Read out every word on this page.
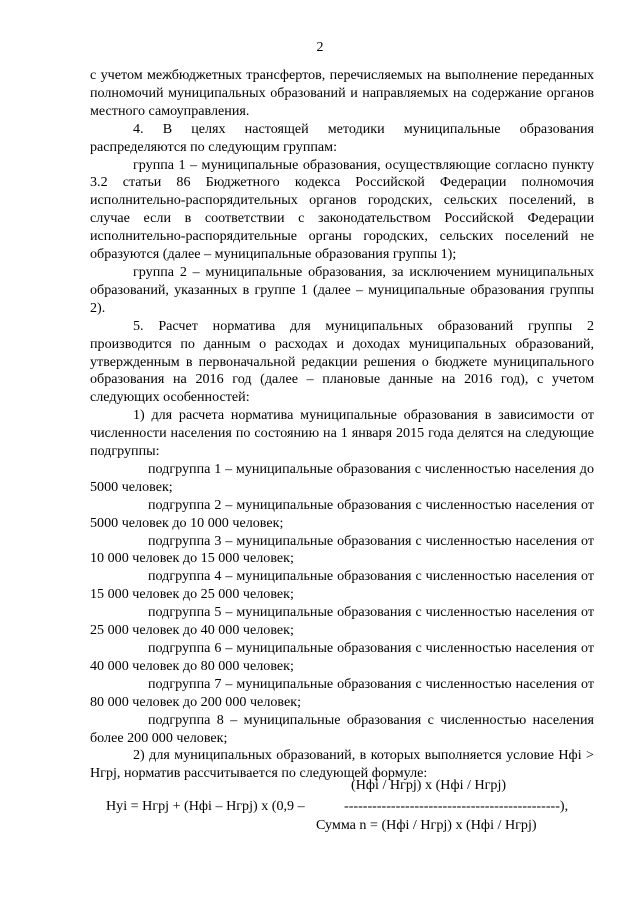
2

с учетом межбюджетных трансфертов, перечисляемых на выполнение переданных полномочий муниципальных образований и направляемых на содержание органов местного самоуправления.

4. В целях настоящей методики муниципальные образования распределяются по следующим группам:

группа 1 – муниципальные образования, осуществляющие согласно пункту 3.2 статьи 86 Бюджетного кодекса Российской Федерации полномочия исполнительно-распорядительных органов городских, сельских поселений, в случае если в соответствии с законодательством Российской Федерации исполнительно-распорядительные органы городских, сельских поселений не образуются (далее – муниципальные образования группы 1);

группа 2 – муниципальные образования, за исключением муниципальных образований, указанных в группе 1 (далее – муниципальные образования группы 2).

5. Расчет норматива для муниципальных образований группы 2 производится по данным о расходах и доходах муниципальных образований, утвержденным в первоначальной редакции решения о бюджете муниципального образования на 2016 год (далее – плановые данные на 2016 год), с учетом следующих особенностей:

1) для расчета норматива муниципальные образования в зависимости от численности населения по состоянию на 1 января 2015 года делятся на следующие подгруппы:

подгруппа 1 – муниципальные образования с численностью населения до 5000 человек;

подгруппа 2 – муниципальные образования с численностью населения от 5000 человек до 10 000 человек;

подгруппа 3 – муниципальные образования с численностью населения от 10 000 человек до 15 000 человек;

подгруппа 4 – муниципальные образования с численностью населения от 15 000 человек до 25 000 человек;

подгруппа 5 – муниципальные образования с численностью населения от 25 000 человек до 40 000 человек;

подгруппа 6 – муниципальные образования с численностью населения от 40 000 человек до 80 000 человек;

подгруппа 7 – муниципальные образования с численностью населения от 80 000 человек до 200 000 человек;

подгруппа 8 – муниципальные образования с численностью населения более 200 000 человек;

2) для муниципальных образований, в которых выполняется условие Нфi > Нгрj, норматив рассчитывается по следующей формуле:

(Нфi / Нгрj) х (Нфi / Нгрj)
Нуi = Нгрj + (Нфi – Нгрj) х (0,9 –	----------------------------------------------),
Сумма n = (Нфi / Нгрj) х (Нфi / Нгрj)
